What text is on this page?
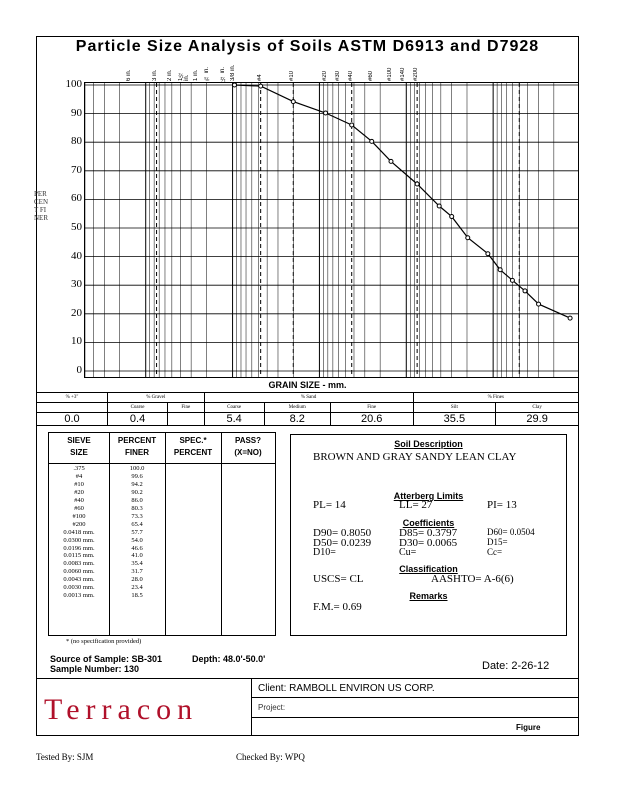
Particle Size Analysis of Soils ASTM D6913 and D7928
PERCENT FINER
100
90
80
70
60
50
40
30
20
10
0
6 in.	3 in. 2 in. 1½ in. 1 in. ¾ in. ½ in. 3/8 in.	#4	#10	#20 #30 #40 #60 #100 #140 #200
GRAIN SIZE - mm.
% +3"	% Gravel		% Sand			% Fines	
	Coarse	Fine	Coarse	Medium	Fine	Silt	Clay
0.0	0.4		5.4	8.2	20.6	35.5	29.9
SIEVE
SIZE
PERCENT
FINER
SPEC.*
PERCENT
PASS?
(X=NO)
.375	100.0
#4	99.6
#10	94.2
#20	90.2
#40	86.0
#60	80.3
#100	73.3
#200	65.4
0.0418 mm.	57.7
0.0300 mm.	54.0
0.0196 mm.	46.6
0.0115 mm.	41.0
0.0083 mm.	35.4
0.0060 mm.	31.7
0.0043 mm.	28.0
0.0030 mm.	23.4
0.0013 mm.	18.5
* (no specification provided)
Soil Description
BROWN AND GRAY SANDY LEAN CLAY
Atterberg Limits
PL= 14	LL= 27	PI= 13
Coefficients
D90= 0.8050	D85= 0.3797	D60= 0.0504
D50= 0.0239	D30= 0.0065	D15=
D10=	Cu=	Cc=
Classification
USCS= CL	AASHTO= A-6(6)
Remarks
F.M.= 0.69
Source of Sample: SB-301	Depth: 48.0'-50.0'
Sample Number: 130	Date: 2-26-12
Terracon
Client: RAMBOLL ENVIRON US CORP.
Project:
Figure
Tested By: SJM	Checked By: WPQ
